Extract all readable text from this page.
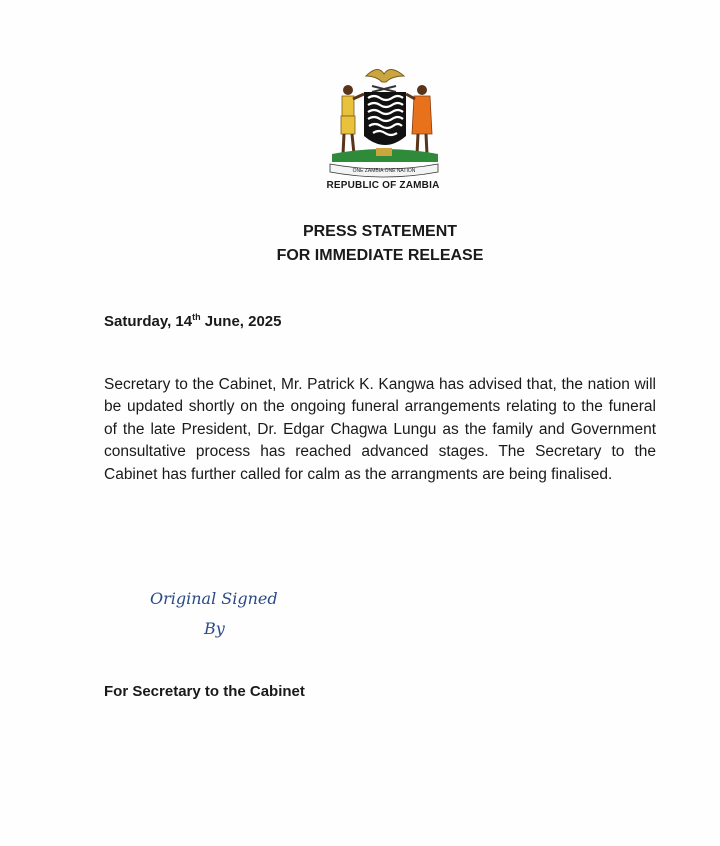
ONE ZAMBIA ONE NATION
REPUBLIC OF ZAMBIA
PRESS STATEMENT
FOR IMMEDIATE RELEASE
Saturday, 14th June, 2025

Secretary to the Cabinet, Mr. Patrick K. Kangwa has advised that, the nation will be updated shortly on the ongoing funeral arrangements relating to the funeral of the late President, Dr. Edgar Chagwa Lungu as the family and Government consultative process has reached advanced stages. The Secretary to the Cabinet has further called for calm as the arrangments are being finalised.

Original Signed
By
For Secretary to the Cabinet
